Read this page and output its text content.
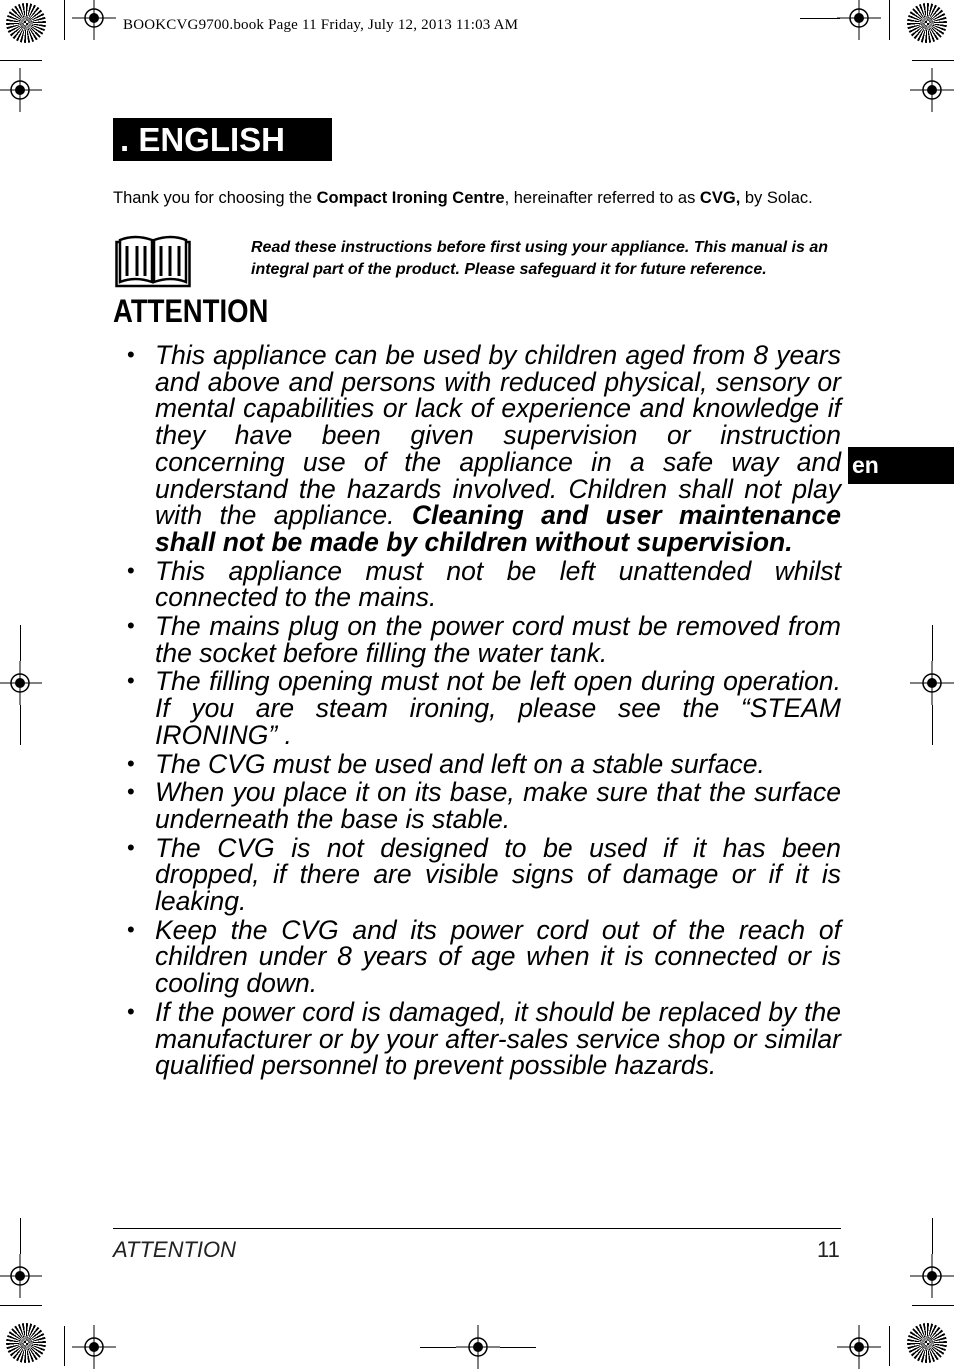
BOOKCVG9700.book Page 11 Friday, July 12, 2013 11:03 AM
. ENGLISH
en
Thank you for choosing the Compact Ironing Centre, hereinafter referred to as CVG, by Solac.
Read these instructions before first using your appliance. This manual is an integral part of the product. Please safeguard it for future reference.
ATTENTION
• This appliance can be used by children aged from 8 years and above and persons with reduced physical, sensory or mental capabilities or lack of experience and knowledge if they have been given supervision or instruction concerning use of the appliance in a safe way and understand the hazards involved. Children shall not play with the appliance. Cleaning and user maintenance shall not be made by children without supervision.
• This appliance must not be left unattended whilst connected to the mains.
• The mains plug on the power cord must be removed from the socket before filling the water tank.
• The filling opening must not be left open during operation. If you are steam ironing, please see the “STEAM IRONING” .
• The CVG must be used and left on a stable surface.
• When you place it on its base, make sure that the surface underneath the base is stable.
• The CVG is not designed to be used if it has been dropped, if there are visible signs of damage or if it is leaking.
• Keep the CVG and its power cord out of the reach of children under 8 years of age when it is connected or is cooling down.
• If the power cord is damaged, it should be replaced by the manufacturer or by your after-sales service shop or similar qualified personnel to prevent possible hazards.
ATTENTION	11
